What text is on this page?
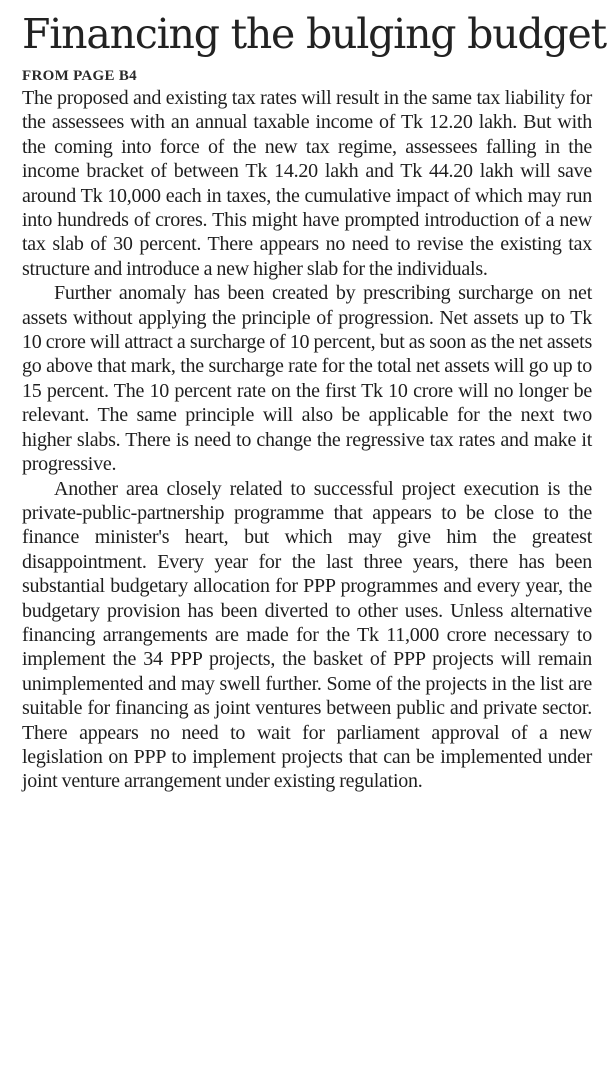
Financing the bulging budget
FROM PAGE B4

The proposed and existing tax rates will result in the same tax liability for the assessees with an annual taxable income of Tk 12.20 lakh. But with the coming into force of the new tax regime, assessees falling in the income bracket of between Tk 14.20 lakh and Tk 44.20 lakh will save around Tk 10,000 each in taxes, the cumulative impact of which may run into hundreds of crores. This might have prompted introduction of a new tax slab of 30 percent. There appears no need to revise the existing tax structure and introduce a new higher slab for the individuals.

Further anomaly has been created by prescribing surcharge on net assets without applying the principle of progression. Net assets up to Tk 10 crore will attract a surcharge of 10 percent, but as soon as the net assets go above that mark, the surcharge rate for the total net assets will go up to 15 percent. The 10 percent rate on the first Tk 10 crore will no longer be relevant. The same principle will also be applicable for the next two higher slabs. There is need to change the regressive tax rates and make it progressive.

Another area closely related to successful project execution is the private-public-partnership programme that appears to be close to the finance minister's heart, but which may give him the greatest disappointment. Every year for the last three years, there has been substantial budgetary allocation for PPP programmes and every year, the budgetary provision has been diverted to other uses. Unless alternative financing arrangements are made for the Tk 11,000 crore necessary to implement the 34 PPP projects, the basket of PPP projects will remain unimplemented and may swell further. Some of the projects in the list are suitable for financing as joint ventures between public and private sector. There appears no need to wait for parliament approval of a new legislation on PPP to implement projects that can be implemented under joint venture arrangement under existing regulation.
